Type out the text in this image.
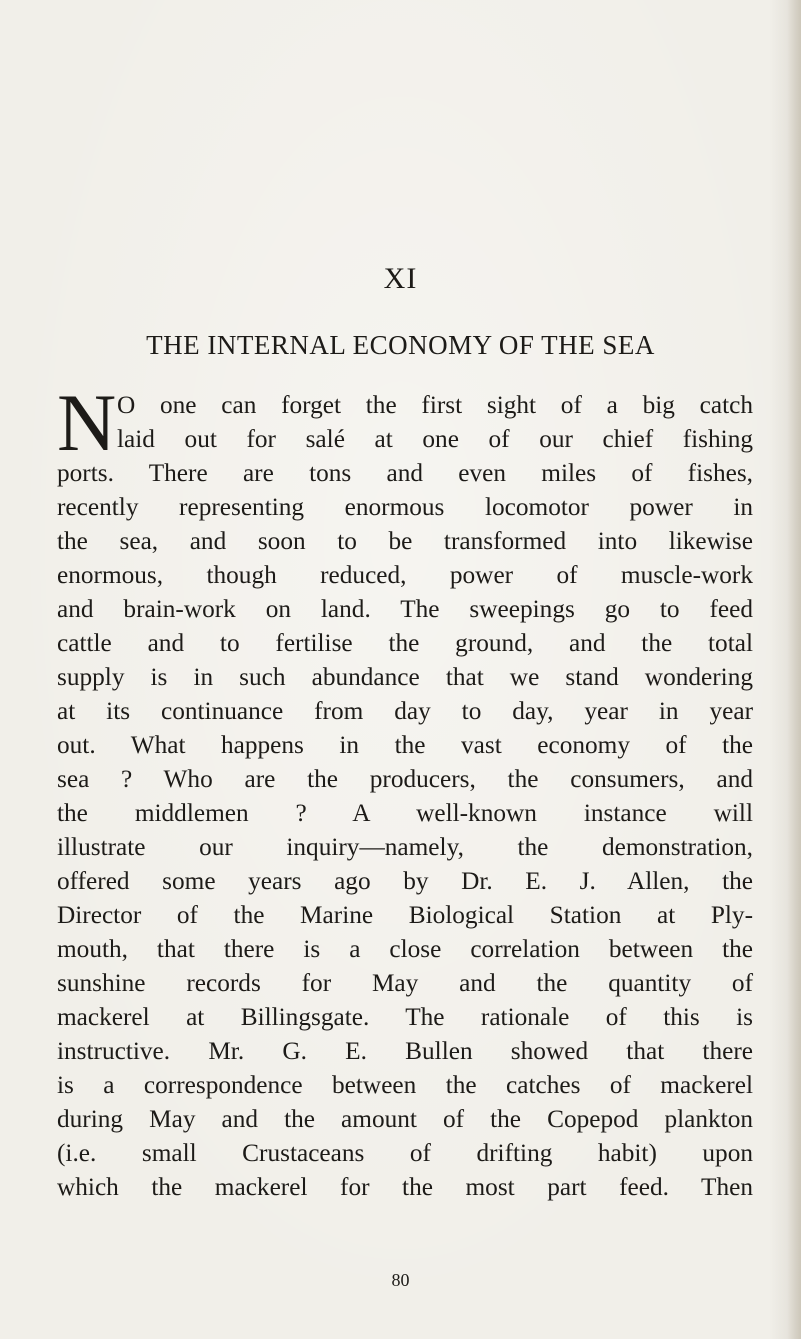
XI
THE INTERNAL ECONOMY OF THE SEA
N O one can forget the first sight of a big catch
laid out for salé at one of our chief fishing
ports. There are tons and even miles of fishes,
recently representing enormous locomotor power in
the sea, and soon to be transformed into likewise
enormous, though reduced, power of muscle-work
and brain-work on land. The sweepings go to feed
cattle and to fertilise the ground, and the total
supply is in such abundance that we stand wondering
at its continuance from day to day, year in year
out. What happens in the vast economy of the
sea ? Who are the producers, the consumers, and
the middlemen ? A well-known instance will
illustrate our inquiry—namely, the demonstration,
offered some years ago by Dr. E. J. Allen, the
Director of the Marine Biological Station at Ply-
mouth, that there is a close correlation between the
sunshine records for May and the quantity of
mackerel at Billingsgate. The rationale of this is
instructive. Mr. G. E. Bullen showed that there
is a correspondence between the catches of mackerel
during May and the amount of the Copepod plankton
(i.e. small Crustaceans of drifting habit) upon
which the mackerel for the most part feed. Then
80
